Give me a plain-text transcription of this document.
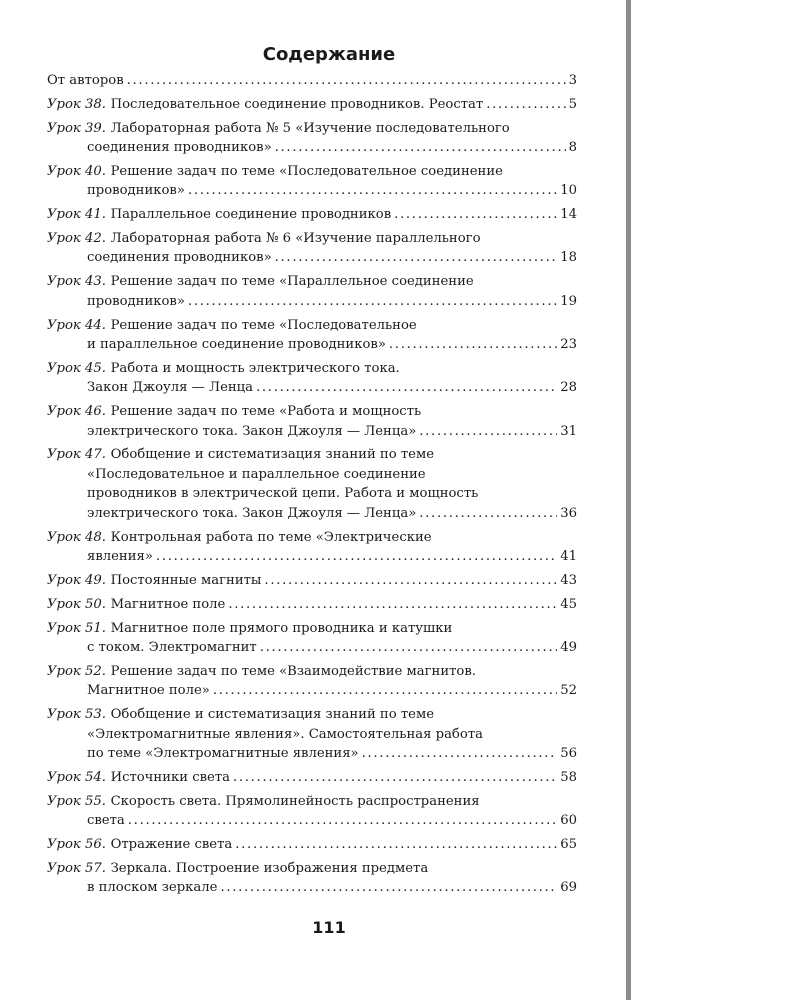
Содержание
От авторов .....	3
Урок 38. Последовательное соединение проводников. Реостат .....	5
Урок 39. Лабораторная работа № 5 «Изучение последовательного
соединения проводников» .....	8
Урок 40. Решение задач по теме «Последовательное соединение
проводников» .....	10
Урок 41. Параллельное соединение проводников .....	14
Урок 42. Лабораторная работа № 6 «Изучение параллельного
соединения проводников» .....	18
Урок 43. Решение задач по теме «Параллельное соединение
проводников» .....	19
Урок 44. Решение задач по теме «Последовательное
и параллельное соединение проводников» .....	23
Урок 45. Работа и мощность электрического тока.
Закон Джоуля — Ленца .....	28
Урок 46. Решение задач по теме «Работа и мощность
электрического тока. Закон Джоуля — Ленца» .....	31
Урок 47. Обобщение и систематизация знаний по теме
«Последовательное и параллельное соединение
проводников в электрической цепи. Работа и мощность
электрического тока. Закон Джоуля — Ленца» .....	36
Урок 48. Контрольная работа по теме «Электрические
явления» .....	41
Урок 49. Постоянные магниты .....	43
Урок 50. Магнитное поле .....	45
Урок 51. Магнитное поле прямого проводника и катушки
с током. Электромагнит .....	49
Урок 52. Решение задач по теме «Взаимодействие магнитов.
Магнитное поле» .....	52
Урок 53. Обобщение и систематизация знаний по теме
«Электромагнитные явления». Самостоятельная работа
по теме «Электромагнитные явления» .....	56
Урок 54. Источники света .....	58
Урок 55. Скорость света. Прямолинейность распространения
света .....	60
Урок 56. Отражение света .....	65
Урок 57. Зеркала. Построение изображения предмета
в плоском зеркале .....	69
111
